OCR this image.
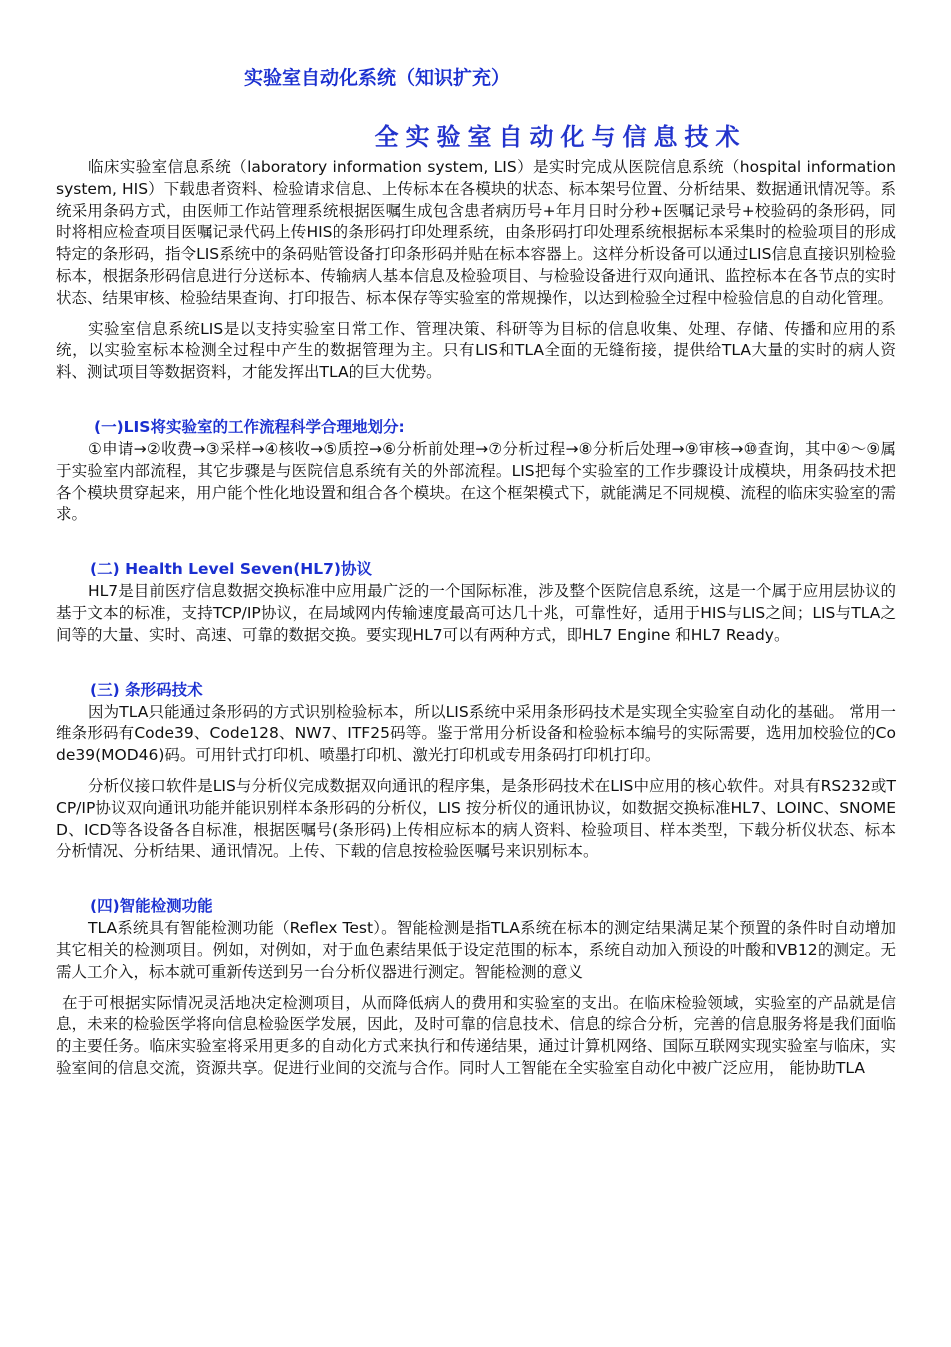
实验室自动化系统（知识扩充）
全实验室自动化与信息技术

临床实验室信息系统（laboratory information system, LIS）是实时完成从医院信息系统（hospital information system, HIS）下载患者资料、检验请求信息、上传标本在各模块的状态、标本架号位置、分析结果、数据通讯情况等。系统采用条码方式，由医师工作站管理系统根据医嘱生成包含患者病历号+年月日时分秒+医嘱记录号+校验码的条形码，同时将相应检查项目医嘱记录代码上传HIS的条形码打印处理系统，由条形码打印处理系统根据标本采集时的检验项目的形成特定的条形码，指令LIS系统中的条码贴管设备打印条形码并贴在标本容器上。这样分析设备可以通过LIS信息直接识别检验标本，根据条形码信息进行分送标本、传输病人基本信息及检验项目、与检验设备进行双向通讯、监控标本在各节点的实时状态、结果审核、检验结果查询、打印报告、标本保存等实验室的常规操作，以达到检验全过程中检验信息的自动化管理。

实验室信息系统LIS是以支持实验室日常工作、管理决策、科研等为目标的信息收集、处理、存储、传播和应用的系统，以实验室标本检测全过程中产生的数据管理为主。只有LIS和TLA全面的无缝衔接，提供给TLA大量的实时的病人资料、测试项目等数据资料，才能发挥出TLA的巨大优势。

(一)LIS将实验室的工作流程科学合理地划分:

①申请→②收费→③采样→④核收→⑤质控→⑥分析前处理→⑦分析过程→⑧分析后处理→⑨审核→⑩查询，其中④～⑨属于实验室内部流程，其它步骤是与医院信息系统有关的外部流程。LIS把每个实验室的工作步骤设计成模块，用条码技术把各个模块贯穿起来，用户能个性化地设置和组合各个模块。在这个框架模式下，就能满足不同规模、流程的临床实验室的需求。

(二) Health Level Seven(HL7)协议

HL7是目前医疗信息数据交换标准中应用最广泛的一个国际标准，涉及整个医院信息系统，这是一个属于应用层协议的基于文本的标准，支持TCP/IP协议，在局域网内传输速度最高可达几十兆，可靠性好，适用于HIS与LIS之间；LIS与TLA之间等的大量、实时、高速、可靠的数据交换。要实现HL7可以有两种方式，即HL7 Engine 和HL7 Ready。

(三) 条形码技术

因为TLA只能通过条形码的方式识别检验标本，所以LIS系统中采用条形码技术是实现全实验室自动化的基础。 常用一维条形码有Code39、Code128、NW7、ITF25码等。鉴于常用分析设备和检验标本编号的实际需要，选用加校验位的Code39(MOD46)码。可用针式打印机、喷墨打印机、激光打印机或专用条码打印机打印。

分析仪接口软件是LIS与分析仪完成数据双向通讯的程序集，是条形码技术在LIS中应用的核心软件。对具有RS232或TCP/IP协议双向通讯功能并能识别样本条形码的分析仪，LIS 按分析仪的通讯协议，如数据交换标准HL7、LOINC、SNOMED、ICD等各设备各自标准，根据医嘱号(条形码)上传相应标本的病人资料、检验项目、样本类型，下载分析仪状态、标本分析情况、分析结果、通讯情况。上传、下载的信息按检验医嘱号来识别标本。

(四)智能检测功能

TLA系统具有智能检测功能（Reflex Test）。智能检测是指TLA系统在标本的测定结果满足某个预置的条件时自动增加其它相关的检测项目。例如，对例如，对于血色素结果低于设定范围的标本，系统自动加入预设的叶酸和VB12的测定。无需人工介入，标本就可重新传送到另一台分析仪器进行测定。智能检测的意义

在于可根据实际情况灵活地决定检测项目，从而降低病人的费用和实验室的支出。在临床检验领域，实验室的产品就是信息，未来的检验医学将向信息检验医学发展，因此，及时可靠的信息技术、信息的综合分析，完善的信息服务将是我们面临的主要任务。临床实验室将采用更多的自动化方式来执行和传递结果，通过计算机网络、国际互联网实现实验室与临床，实验室间的信息交流，资源共享。促进行业间的交流与合作。同时人工智能在全实验室自动化中被广泛应用， 能协助TLA
